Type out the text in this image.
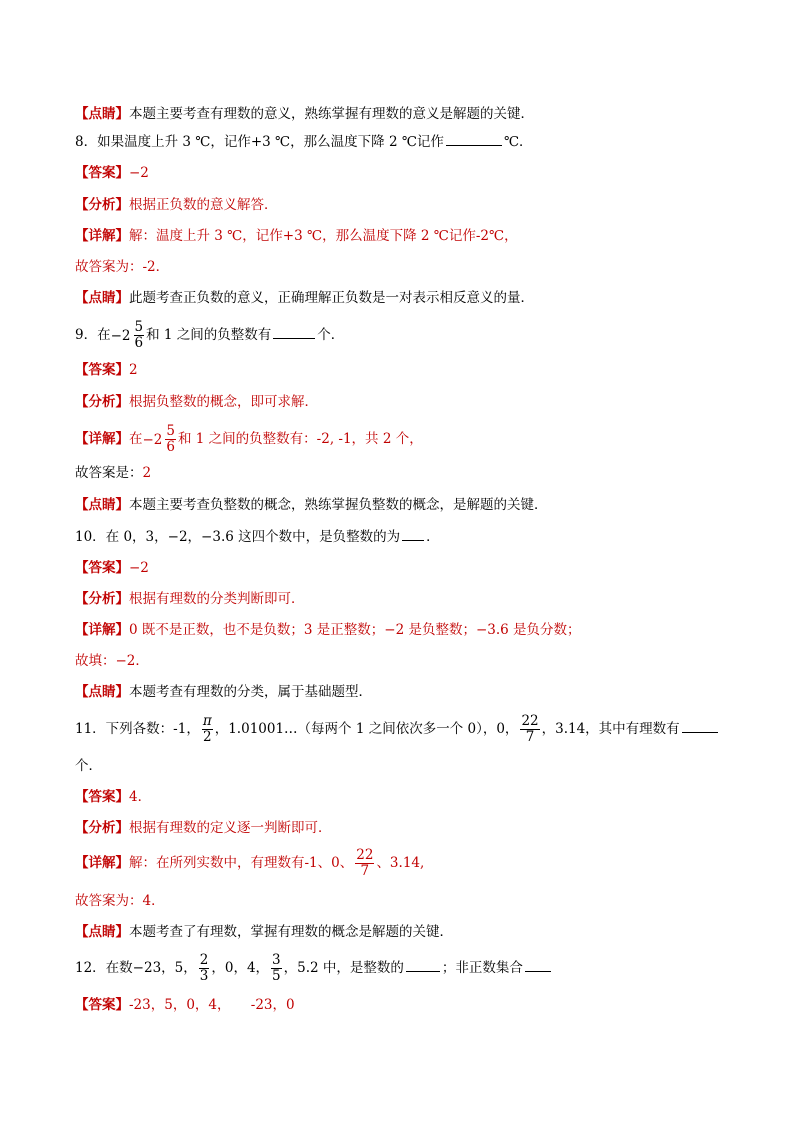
【点睛】本题主要考查有理数的意义，熟练掌握有理数的意义是解题的关键．
8．如果温度上升 3 ℃，记作+3 ℃，那么温度下降 2 ℃记作	℃．
【答案】−2
【分析】根据正负数的意义解答．
【详解】解：温度上升 3 ℃，记作+3 ℃，那么温度下降 2 ℃记作-2℃，
故答案为：-2．
【点睛】此题考查正负数的意义，正确理解正负数是一对表示相反意义的量．
9．在 $-2 \frac{5}{6}$ 和 1 之间的负整数有	个．
【答案】2
【分析】根据负整数的概念，即可求解．
【详解】在 $-2 \frac{5}{6}$ 和 1 之间的负整数有：-2, -1，共 2 个，
故答案是：2
【点睛】本题主要考查负整数的概念，熟练掌握负整数的概念，是解题的关键．
10．在 0，3，−2，−3.6 这四个数中，是负整数的为 ．
【答案】−2
【分析】根据有理数的分类判断即可．
【详解】0 既不是正数，也不是负数；3 是正整数；−2 是负整数；−3.6 是负分数；
故填：−2．
【点睛】本题考查有理数的分类，属于基础题型．
11．下列各数：-1， $\frac{\pi}{2}$ ，1.01001…（每两个 1 之间依次多一个 0），0， $\frac{22}{7}$ ，3.14，其中有理数有
个．
【答案】4．
【分析】根据有理数的定义逐一判断即可．
【详解】解：在所列实数中，有理数有-1、0、 $\frac{22}{7}$ 、3.14,
故答案为：4．
【点睛】本题考查了有理数，掌握有理数的概念是解题的关键．
12．在数−23，5， $\frac{2}{3}$ ，0，4， $\frac{3}{5}$ ，5.2 中，是整数的	；非正数集合
【答案】-23，5，0，4，　　-23，0
